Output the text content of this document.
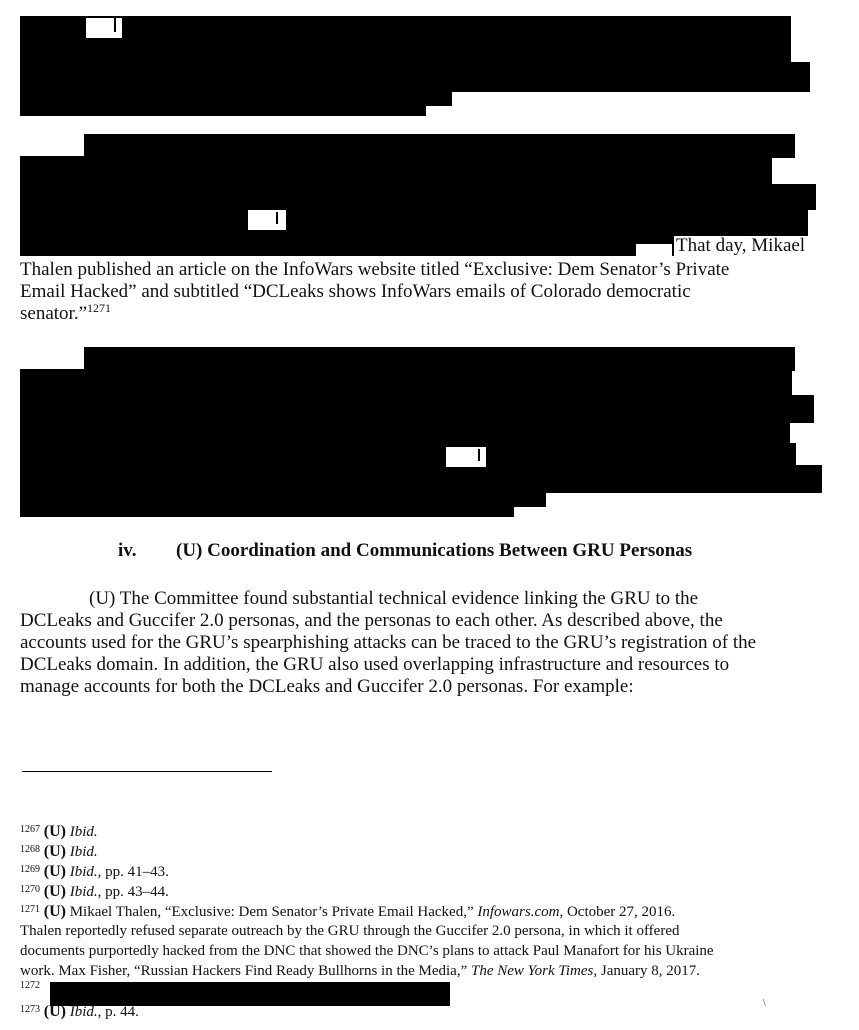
That day, Mikael
Thalen published an article on the InfoWars website titled “Exclusive: Dem Senator’s Private
Email Hacked” and subtitled “DCLeaks shows InfoWars emails of Colorado democratic
senator.”$^{1271}$
iv. (U) Coordination and Communications Between GRU Personas
(U) The Committee found substantial technical evidence linking the GRU to the
DCLeaks and Guccifer 2.0 personas, and the personas to each other. As described above, the
accounts used for the GRU’s spearphishing attacks can be traced to the GRU’s registration of the
DCLeaks domain. In addition, the GRU also used overlapping infrastructure and resources to
manage accounts for both the DCLeaks and Guccifer 2.0 personas. For example:
$^{1267}$ (U) Ibid.
$^{1268}$ (U) Ibid.
$^{1269}$ (U) Ibid., pp. 41–43.
$^{1270}$ (U) Ibid., pp. 43–44.
$^{1271}$ (U) Mikael Thalen, “Exclusive: Dem Senator’s Private Email Hacked,” Infowars.com, October 27, 2016.
Thalen reportedly refused separate outreach by the GRU through the Guccifer 2.0 persona, in which it offered
documents purportedly hacked from the DNC that showed the DNC’s plans to attack Paul Manafort for his Ukraine
work. Max Fisher, “Russian Hackers Find Ready Bullhorns in the Media,” The New York Times, January 8, 2017.
$^{1272}$
$^{1273}$ (U) Ibid., p. 44.
\
